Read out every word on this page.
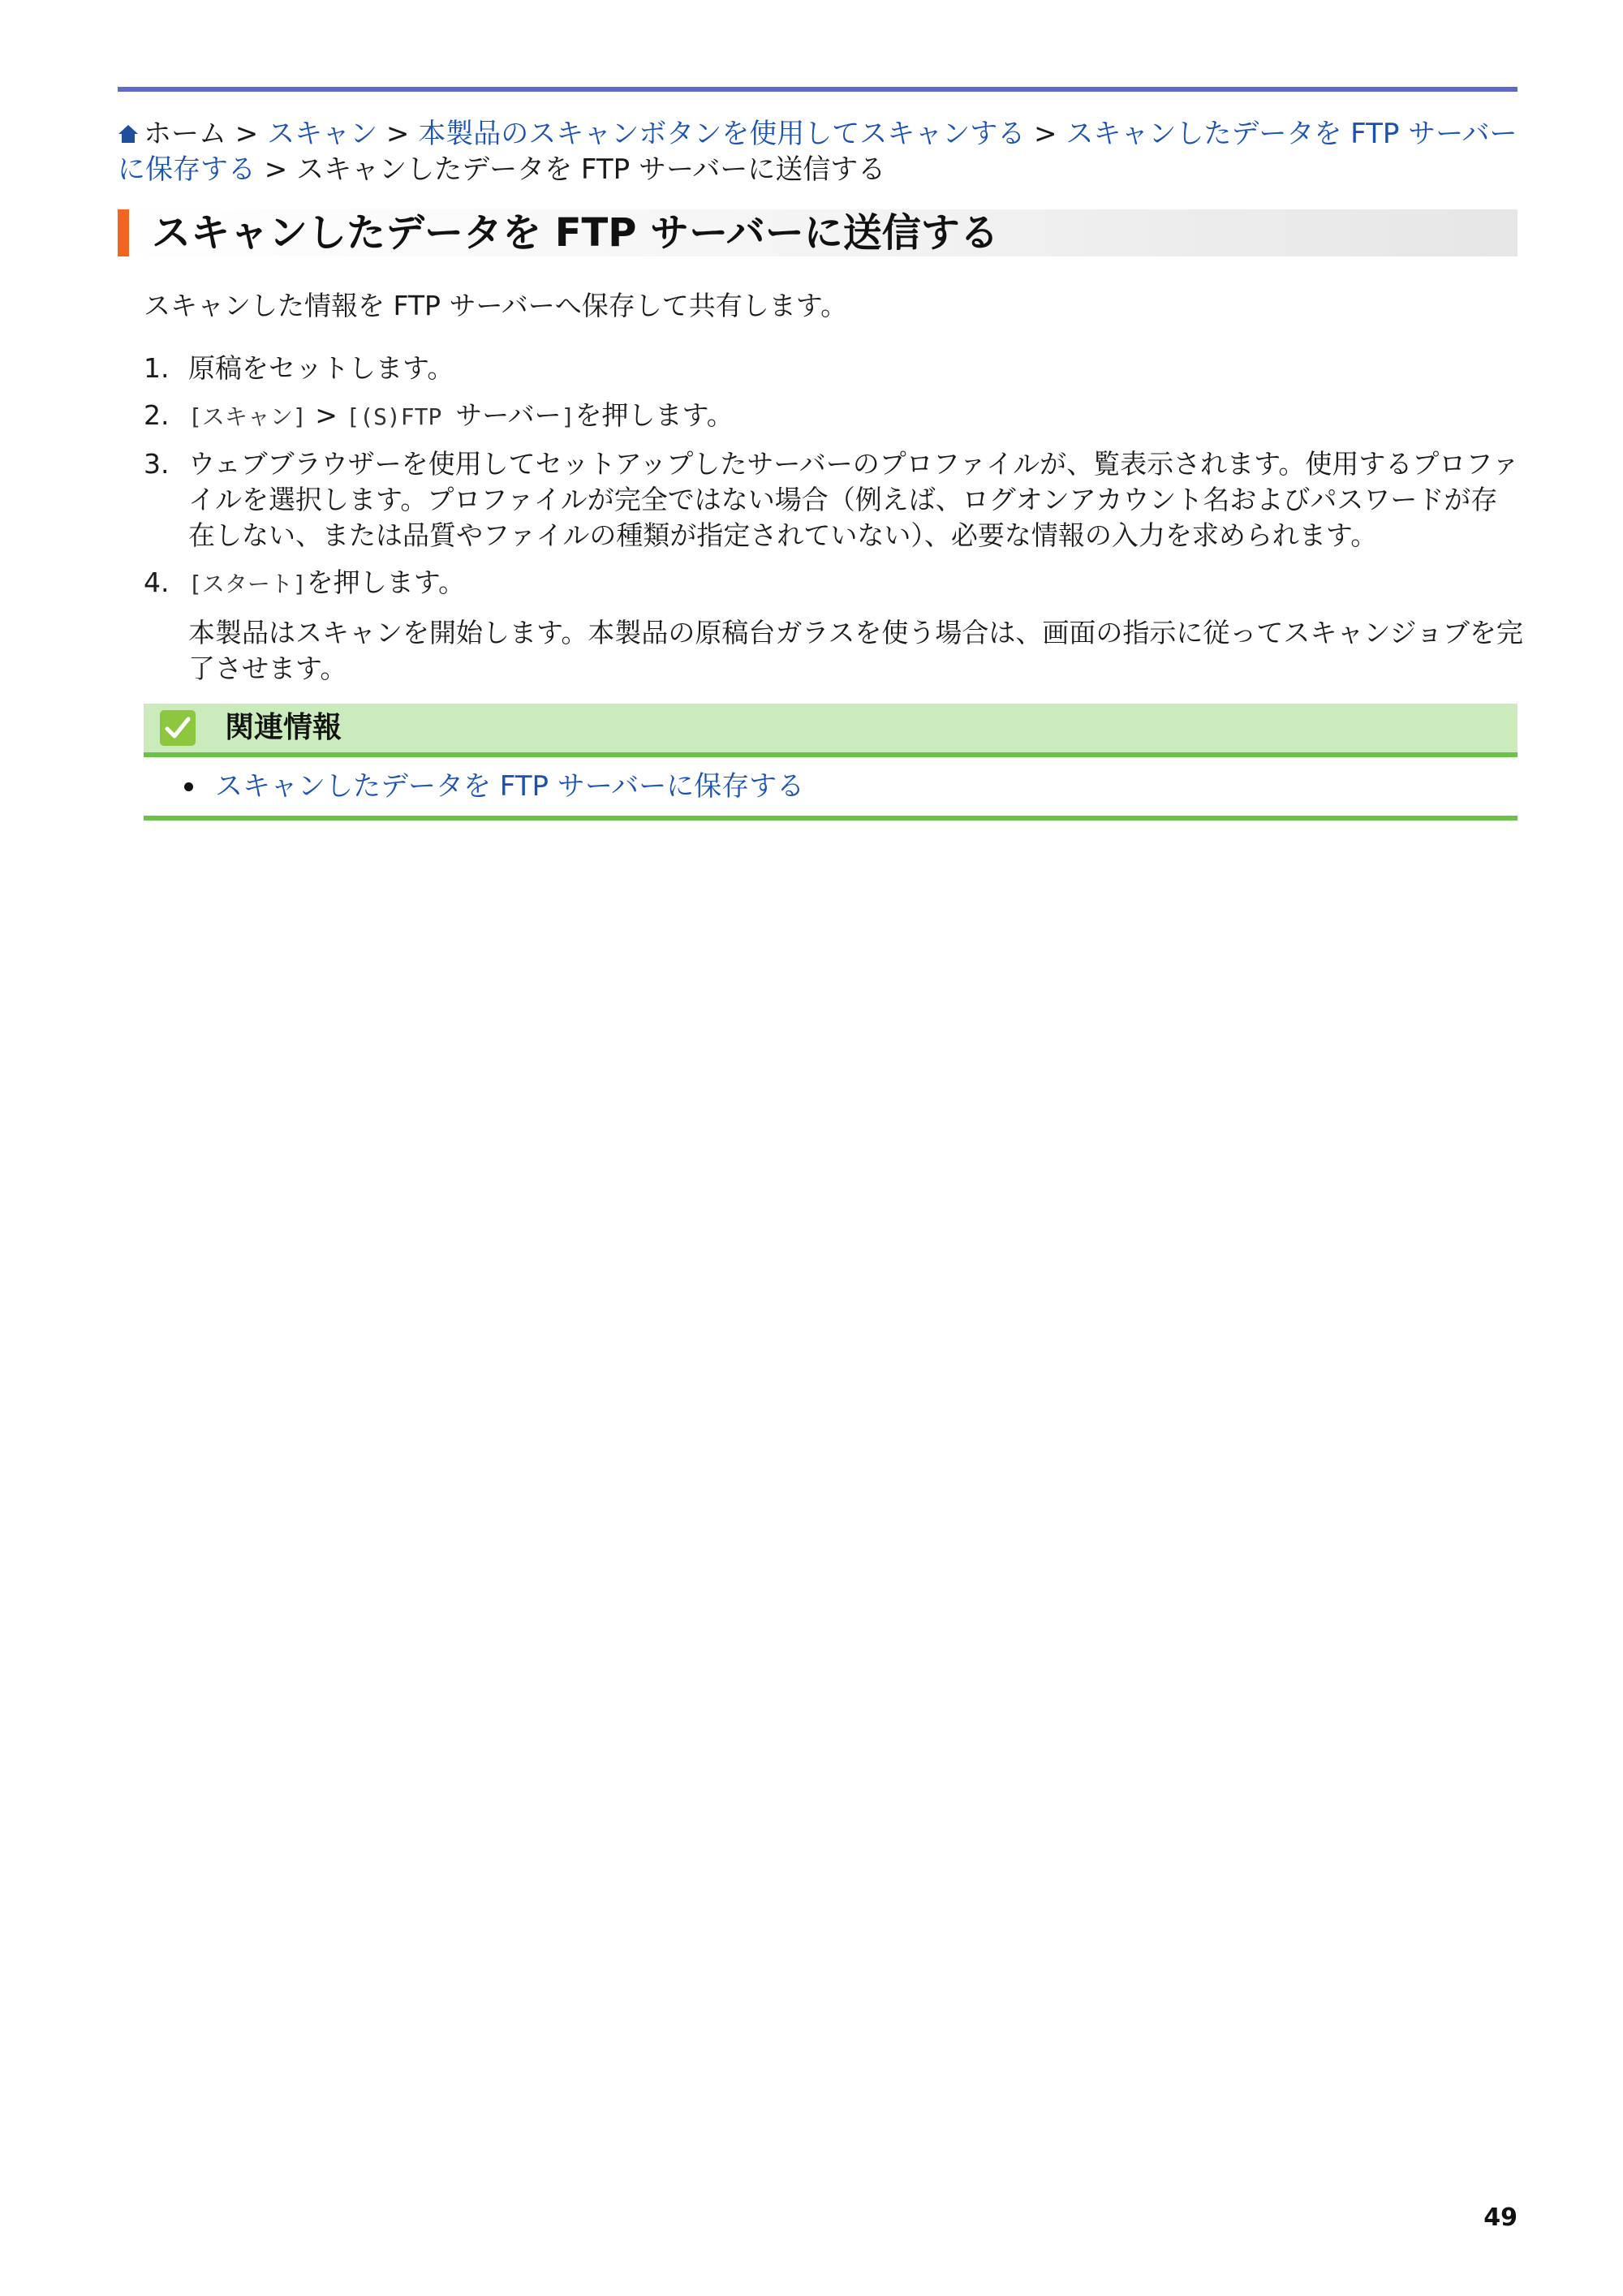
ホーム > スキャン > 本製品のスキャンボタンを使用してスキャンする > スキャンしたデータを FTP サーバーに保存する > スキャンしたデータを FTP サーバーに送信する
スキャンしたデータを FTP サーバーに送信する
スキャンした情報を FTP サーバーへ保存して共有します。
1. 原稿をセットします。
2. [スキャン] > [(S)FTP サーバー]を押します。
3. ウェブブラウザーを使用してセットアップしたサーバーのプロファイルが、覧表示されます。使用するプロファイルを選択します。プロファイルが完全ではない場合（例えば、ログオンアカウント名およびパスワードが存在しない、または品質やファイルの種類が指定されていない）、必要な情報の入力を求められます。
4. [スタート]を押します。
本製品はスキャンを開始します。本製品の原稿台ガラスを使う場合は、画面の指示に従ってスキャンジョブを完了させます。
関連情報
スキャンしたデータを FTP サーバーに保存する
49
